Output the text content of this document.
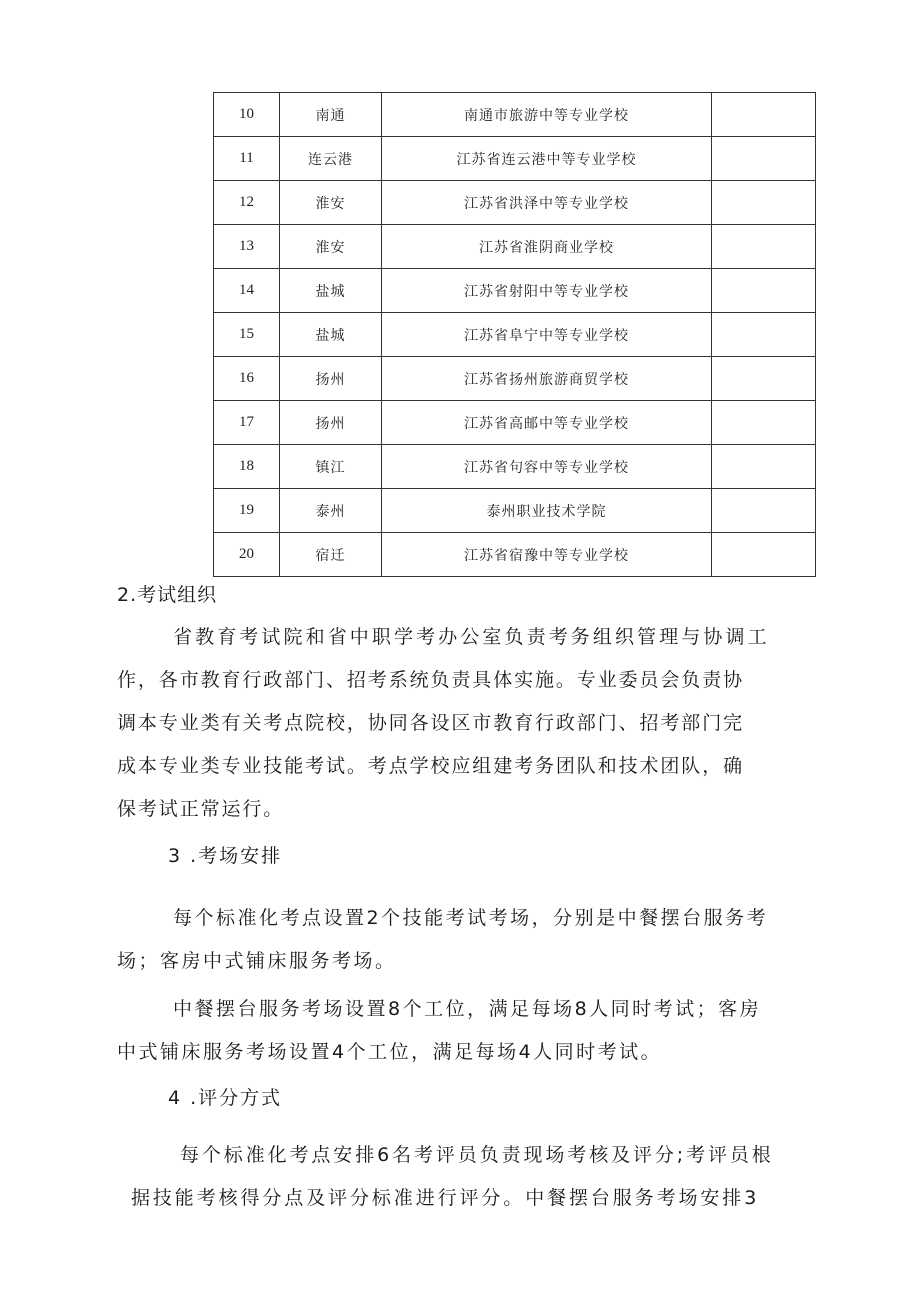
10	南通	南通市旅游中等专业学校	
11	连云港	江苏省连云港中等专业学校	
12	淮安	江苏省洪泽中等专业学校	
13	淮安	江苏省淮阴商业学校	
14	盐城	江苏省射阳中等专业学校	
15	盐城	江苏省阜宁中等专业学校	
16	扬州	江苏省扬州旅游商贸学校	
17	扬州	江苏省高邮中等专业学校	
18	镇江	江苏省句容中等专业学校	
19	泰州	泰州职业技术学院	
20	宿迁	江苏省宿豫中等专业学校	
2.考试组织
省教育考试院和省中职学考办公室负责考务组织管理与协调工
作，各市教育行政部门、招考系统负责具体实施。专业委员会负责协
调本专业类有关考点院校，协同各设区市教育行政部门、招考部门完
成本专业类专业技能考试。考点学校应组建考务团队和技术团队，确
保考试正常运行。
3 .考场安排
每个标准化考点设置2个技能考试考场，分别是中餐摆台服务考
场；客房中式铺床服务考场。
中餐摆台服务考场设置8个工位，满足每场8人同时考试；客房
中式铺床服务考场设置4个工位，满足每场4人同时考试。
4 .评分方式
每个标准化考点安排6名考评员负责现场考核及评分;考评员根
据技能考核得分点及评分标准进行评分。中餐摆台服务考场安排3
